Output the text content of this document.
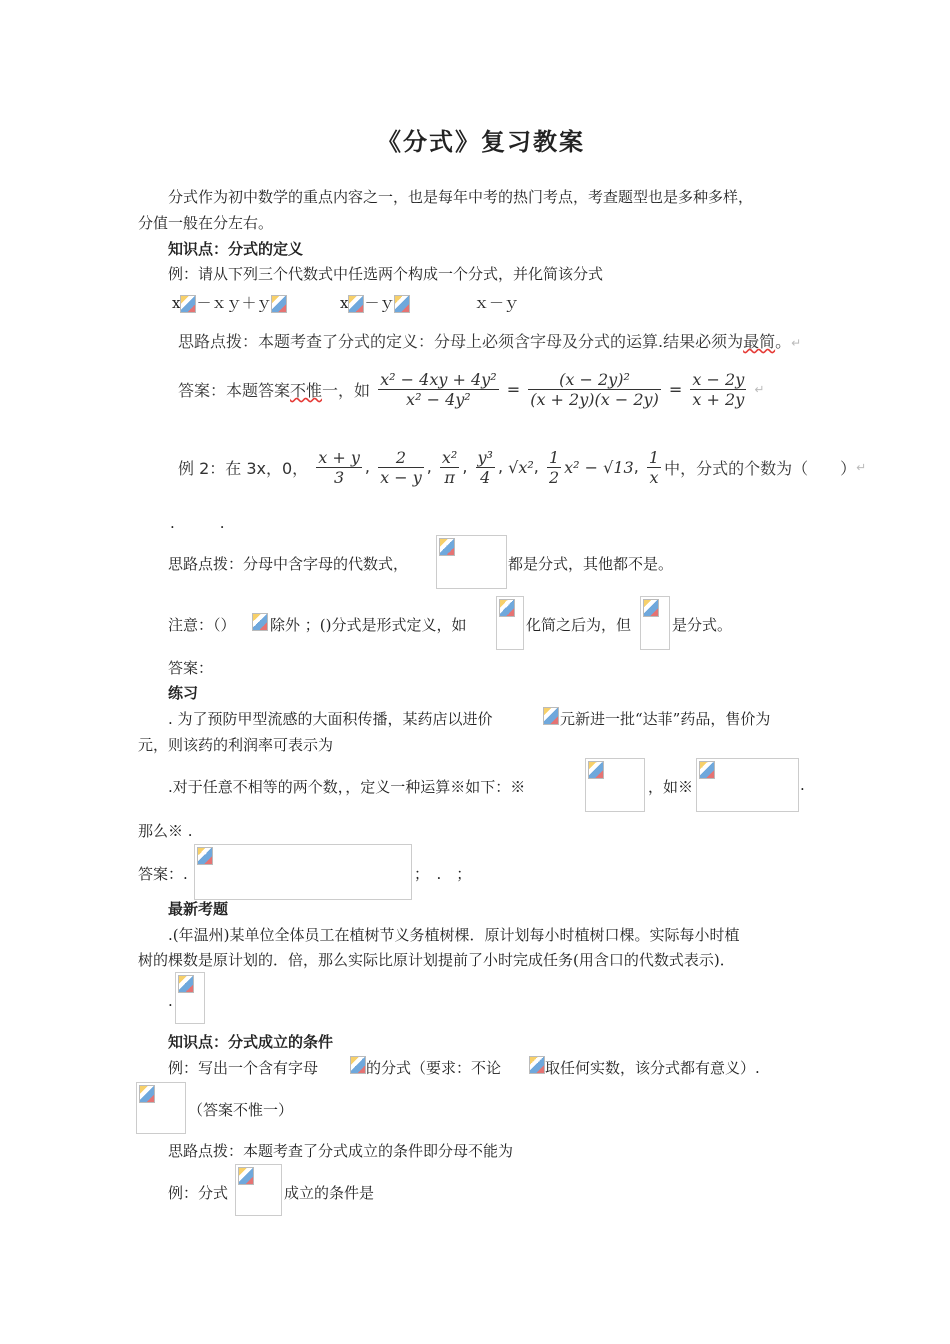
《分式》复习教案
分式作为初中数学的重点内容之一，也是每年中考的热门考点，考查题型也是多种多样，
分值一般在分左右。
知识点：分式的定义
例：请从下列三个代数式中任选两个构成一个分式，并化简该分式
x －ｘｙ＋ｙ	x －ｙ	ｘ－ｙ
思路点拨：本题考查了分式的定义：分母上必须含字母及分式的运算.结果必须为最简。↵
答案：本题答案不惟一，如 $\frac{\text{x² − 4xy + 4y²}}{\text{x² − 4y²}} = \frac{\text{(x − 2y)²}}{(x + 2y)(x - 2y)} = \frac{x - 2y}{x + 2y}$ ↵
例 2：在 3x，0， $\frac{x + y}{3}$ , $\frac{2}{x - y}$ , $\frac{\text{x²}}{\pi}$ , $\frac{\text{y³}}{4}$ , √x², $\frac{1}{2} x^2 - √13$, $\frac{1}{x}$ 中，分式的个数为（　　）↵
.　　　.
思路点拨：分母中含字母的代数式，	都是分式，其他都不是。
注意：（） 除外 ；()分式是形式定义，如	化简之后为，但	是分式。
答案：
练习
. 为了预防甲型流感的大面积传播，某药店以进价	元新进一批“达菲”药品，售价为
元，则该药的利润率可表示为
.对于任意不相等的两个数，，定义一种运算※如下：※	，如※	.
那么※ .
答案：.	；　.　；
最新考题
.(年温州)某单位全体员工在植树节义务植树棵．原计划每小时植树口棵。实际每小时植
树的棵数是原计划的．倍，那么实际比原计划提前了小时完成任务(用含口的代数式表示)．
.
知识点：分式成立的条件
例：写出一个含有字母	的分式（要求：不论	取任何实数，该分式都有意义）.
（答案不惟一）
思路点拨：本题考查了分式成立的条件即分母不能为
例：分式	成立的条件是
